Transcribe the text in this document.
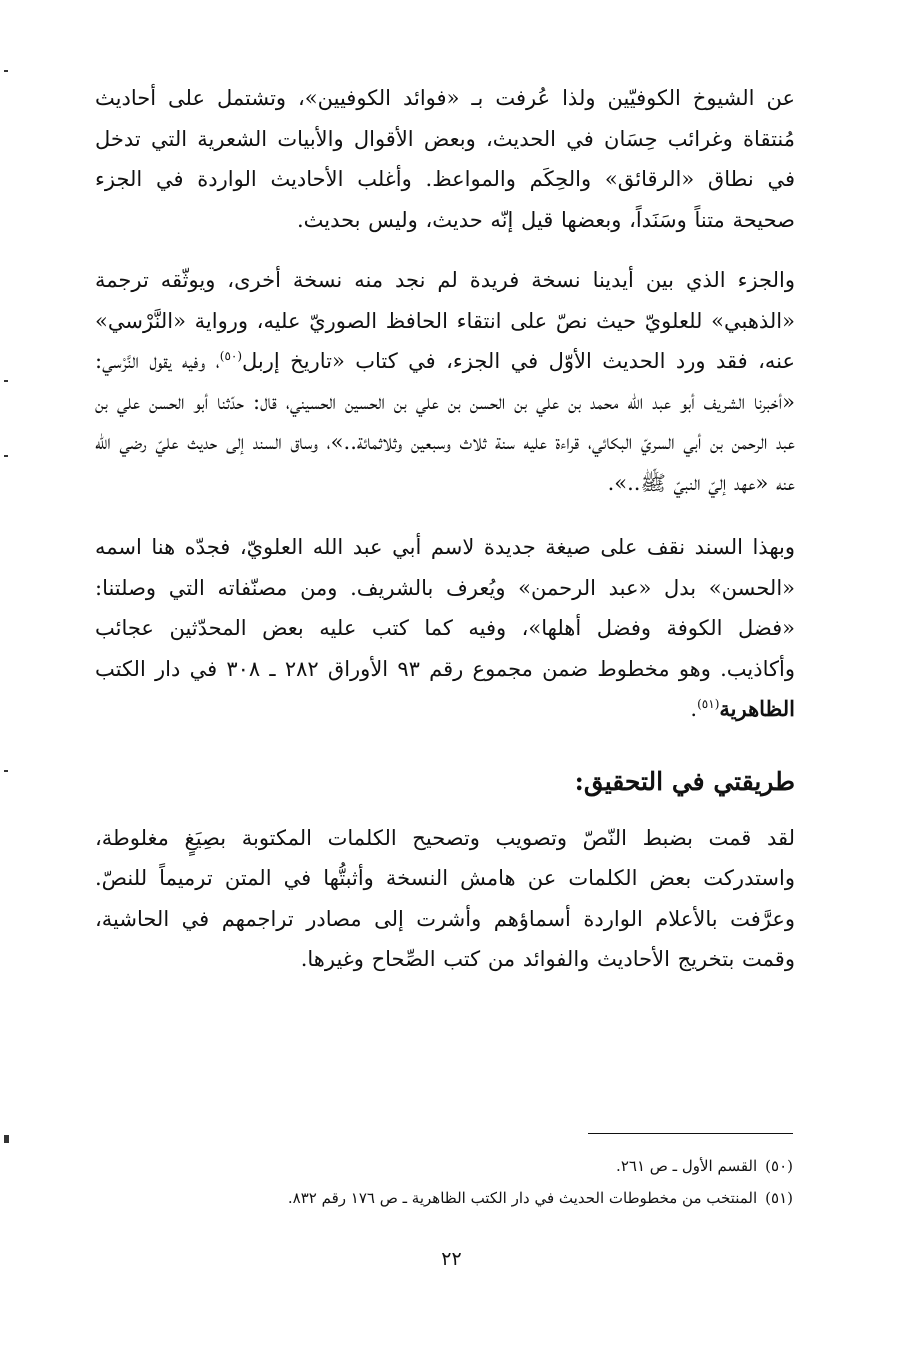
عن الشيوخ الكوفيّين ولذا عُرفت بـ «فوائد الكوفيين»، وتشتمل على أحاديث مُنتقاة وغرائب حِسَان في الحديث، وبعض الأقوال والأبيات الشعرية التي تدخل في نطاق «الرقائق» والحِكَم والمواعظ. وأغلب الأحاديث الواردة في الجزء صحيحة متناً وسَنَداً، وبعضها قيل إنّه حديث، وليس بحديث.

والجزء الذي بين أيدينا نسخة فريدة لم نجد منه نسخة أخرى، ويوثّقه ترجمة «الذهبي» للعلويّ حيث نصّ على انتقاء الحافظ الصوريّ عليه، ورواية «النَّرْسي» عنه، فقد ورد الحديث الأوّل في الجزء، في كتاب «تاريخ إربل$^{(٥٠)}$، وفيه يقول النَّرْسي: «أخبرنا الشريف أبو عبد الله محمد بن علي بن الحسن بن علي بن الحسين الحسيني، قال: حدّثنا أبو الحسن علي بن عبد الرحمن بن أبي السريّ البكائي، قراءة عليه سنة ثلاث وسبعين وثلاثمائة..»، وساق السند إلى حديث عليّ رضي الله عنه «عهد إليّ النبيّ ﷺ..».

وبهذا السند نقف على صيغة جديدة لاسم أبي عبد الله العلويّ، فجدّه هنا اسمه «الحسن» بدل «عبد الرحمن» ويُعرف بالشريف. ومن مصنّفاته التي وصلتنا: «فضل الكوفة وفضل أهلها»، وفيه كما كتب عليه بعض المحدّثين عجائب وأكاذيب. وهو مخطوط ضمن مجموع رقم ٩٣ الأوراق ٢٨٢ ـ ٣٠٨ في دار الكتب الظاهرية$^{(٥١)}$.

طريقتي في التحقيق:

لقد قمت بضبط النّصّ وتصويب وتصحيح الكلمات المكتوبة بصِيَغٍ مغلوطة، واستدركت بعض الكلمات عن هامش النسخة وأثبتُّها في المتن ترميماً للنصّ. وعرَّفت بالأعلام الواردة أسماؤهم وأشرت إلى مصادر تراجمهم في الحاشية، وقمت بتخريج الأحاديث والفوائد من كتب الصِّحاح وغيرها.

(٥٠)القسم الأول ـ ص ٢٦١.

(٥١)المنتخب من مخطوطات الحديث في دار الكتب الظاهرية ـ ص ١٧٦ رقم ٨٣٢.

٢٢
